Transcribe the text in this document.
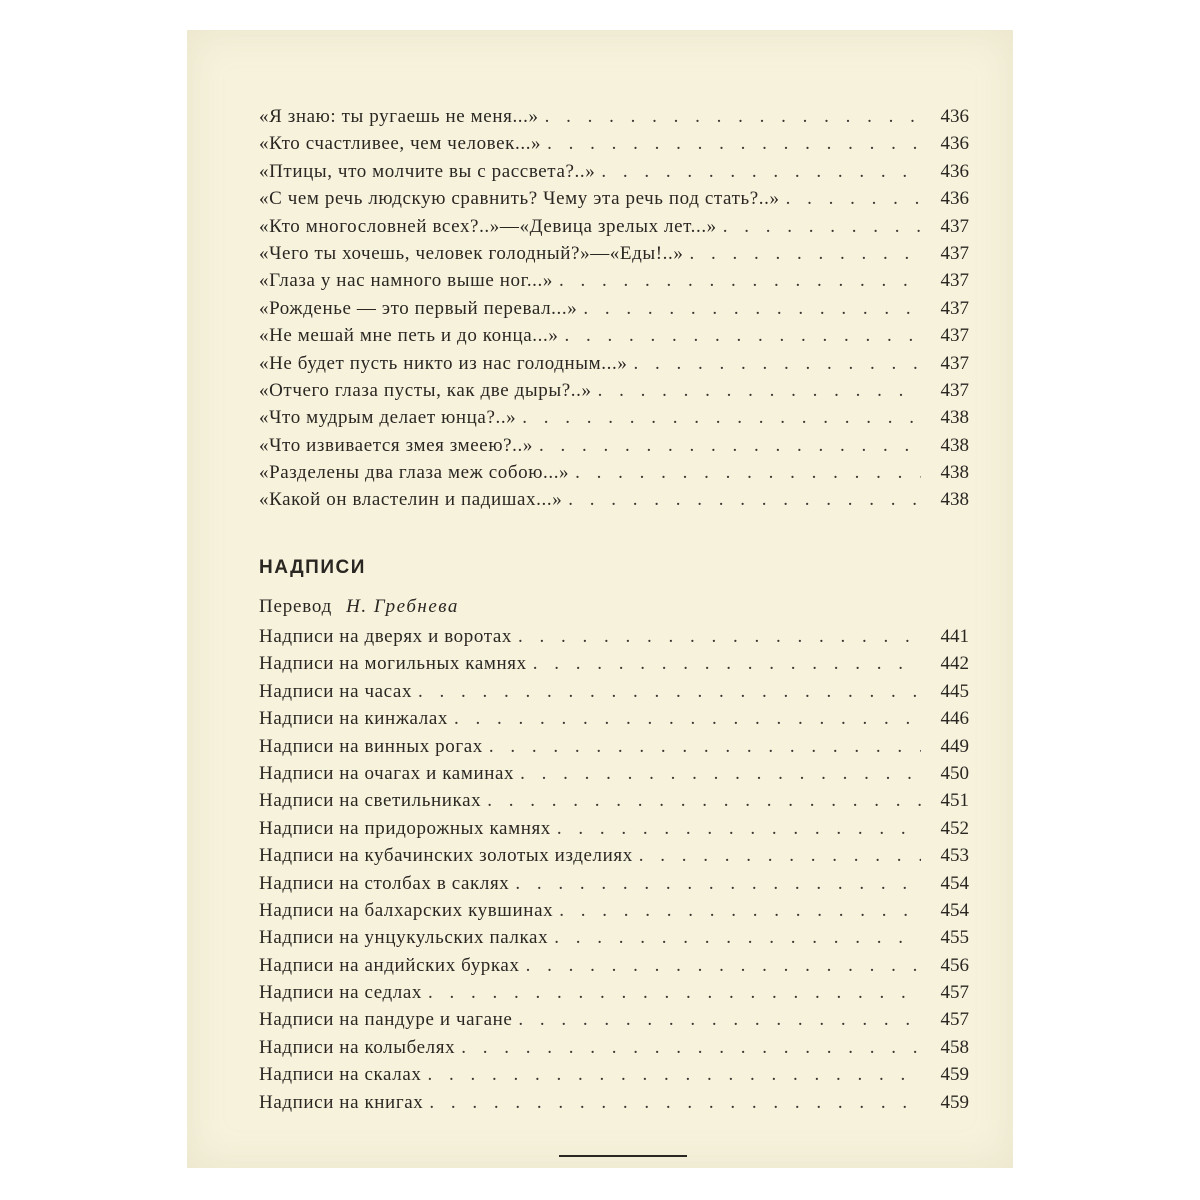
«Я знаю: ты ругаешь не меня...» . . .	436
«Кто счастливее, чем человек...» . . .	436
«Птицы, что молчите вы с рассвета?..» . . .	436
«С чем речь людскую сравнить? Чему эта речь под стать?..» . . .	436
«Кто многословней всех?..»—«Девица зрелых лет...» . . .	437
«Чего ты хочешь, человек голодный?»—«Еды!..» . . .	437
«Глаза у нас намного выше ног...» . . .	437
«Рожденье — это первый перевал...» . . .	437
«Не мешай мне петь и до конца...» . . .	437
«Не будет пусть никто из нас голодным...» . . .	437
«Отчего глаза пусты, как две дыры?..» . . .	437
«Что мудрым делает юнца?..» . . .	438
«Что извивается змея змеею?..» . . .	438
«Разделены два глаза меж собою...» . . .	438
«Какой он властелин и падишах...» . . .	438
НАДПИСИ
Перевод Н. Гребнева
Надписи на дверях и воротах . . .	441
Надписи на могильных камнях . . .	442
Надписи на часах . . .	445
Надписи на кинжалах . . .	446
Надписи на винных рогах . . .	449
Надписи на очагах и каминах . . .	450
Надписи на светильниках . . .	451
Надписи на придорожных камнях . . .	452
Надписи на кубачинских золотых изделиях . . .	453
Надписи на столбах в саклях . . .	454
Надписи на балхарских кувшинах . . .	454
Надписи на унцукульских палках . . .	455
Надписи на андийских бурках . . .	456
Надписи на седлах . . .	457
Надписи на пандуре и чагане . . .	457
Надписи на колыбелях . . .	458
Надписи на скалах . . .	459
Надписи на книгах . . .	459
